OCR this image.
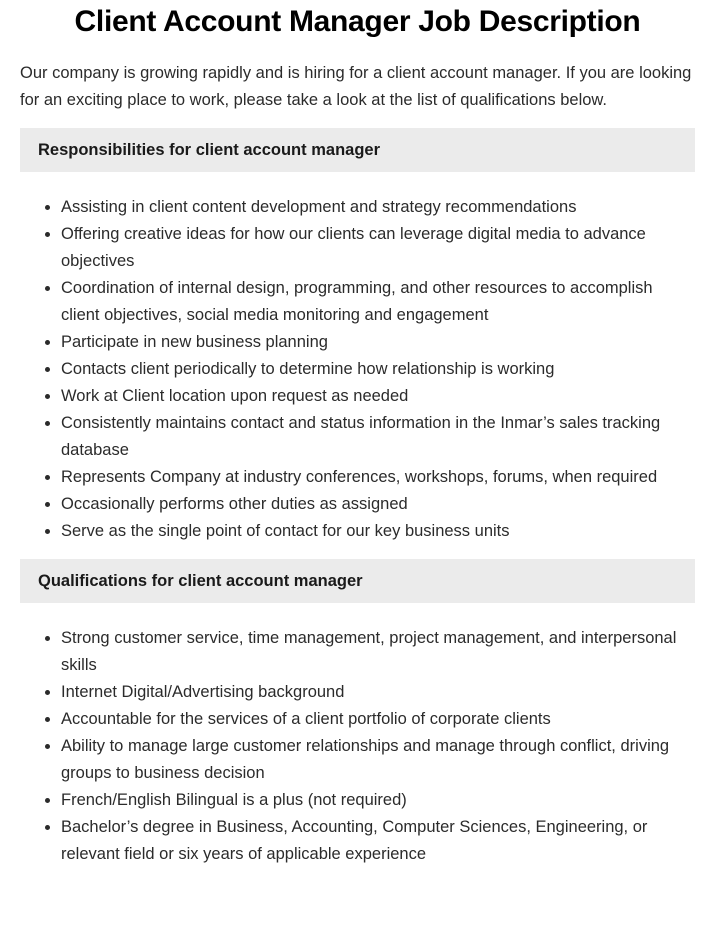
Client Account Manager Job Description

Our company is growing rapidly and is hiring for a client account manager. If you are looking for an exciting place to work, please take a look at the list of qualifications below.

Responsibilities for client account manager
• Assisting in client content development and strategy recommendations
• Offering creative ideas for how our clients can leverage digital media to advance objectives
• Coordination of internal design, programming, and other resources to accomplish client objectives, social media monitoring and engagement
• Participate in new business planning
• Contacts client periodically to determine how relationship is working
• Work at Client location upon request as needed
• Consistently maintains contact and status information in the Inmar’s sales tracking database
• Represents Company at industry conferences, workshops, forums, when required
• Occasionally performs other duties as assigned
• Serve as the single point of contact for our key business units
Qualifications for client account manager
• Strong customer service, time management, project management, and interpersonal skills
• Internet Digital/Advertising background
• Accountable for the services of a client portfolio of corporate clients
• Ability to manage large customer relationships and manage through conflict, driving groups to business decision
• French/English Bilingual is a plus (not required)
• Bachelor’s degree in Business, Accounting, Computer Sciences, Engineering, or relevant field or six years of applicable experience
